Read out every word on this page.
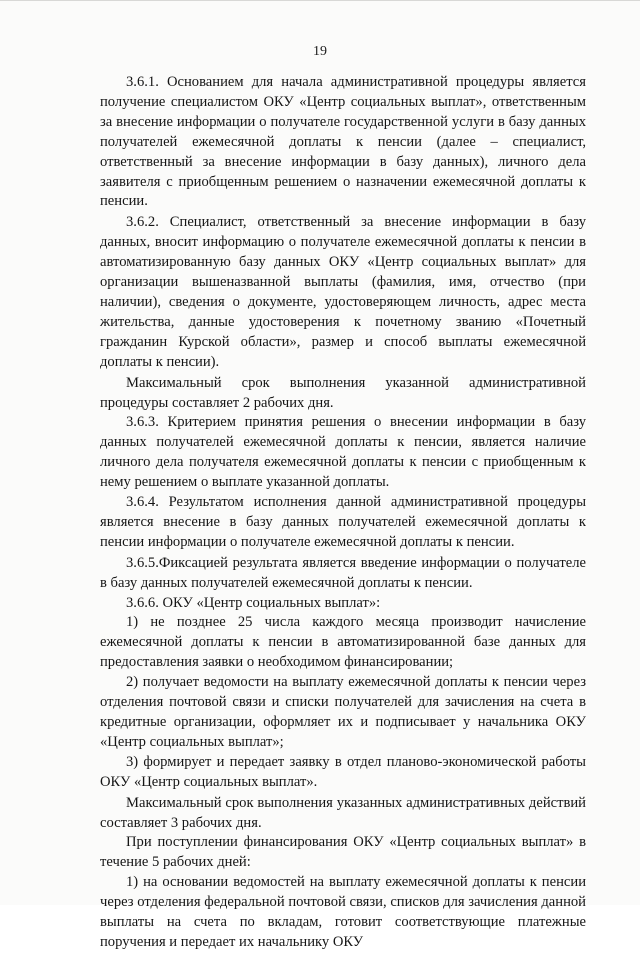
19

3.6.1. Основанием для начала административной процедуры является получение специалистом ОКУ «Центр социальных выплат», ответственным за внесение информации о получателе государственной услуги в базу данных получателей ежемесячной доплаты к пенсии (далее – специалист, ответственный за внесение информации в базу данных), личного дела заявителя с приобщенным решением о назначении ежемесячной доплаты к пенсии.

3.6.2. Специалист, ответственный за внесение информации в базу данных, вносит информацию о получателе ежемесячной доплаты к пенсии в автоматизированную базу данных ОКУ «Центр социальных выплат» для организации вышеназванной выплаты (фамилия, имя, отчество (при наличии), сведения о документе, удостоверяющем личность, адрес места жительства, данные удостоверения к почетному званию «Почетный гражданин Курской области», размер и способ выплаты ежемесячной доплаты к пенсии).

Максимальный срок выполнения указанной административной процедуры составляет 2 рабочих дня.

3.6.3. Критерием принятия решения о внесении информации в базу данных получателей ежемесячной доплаты к пенсии, является наличие личного дела получателя ежемесячной доплаты к пенсии с приобщенным к нему решением о выплате указанной доплаты.

3.6.4. Результатом исполнения данной административной процедуры является внесение в базу данных получателей ежемесячной доплаты к пенсии информации о получателе ежемесячной доплаты к пенсии.

3.6.5.Фиксацией результата является введение информации о получателе в базу данных получателей ежемесячной доплаты к пенсии.

3.6.6. ОКУ «Центр социальных выплат»:

1) не позднее 25 числа каждого месяца производит начисление ежемесячной доплаты к пенсии в автоматизированной базе данных для предоставления заявки о необходимом финансировании;

2) получает ведомости на выплату ежемесячной доплаты к пенсии через отделения почтовой связи и списки получателей для зачисления на счета в кредитные организации, оформляет их и подписывает у начальника ОКУ «Центр социальных выплат»;

3) формирует и передает заявку в отдел планово-экономической работы ОКУ «Центр социальных выплат».

Максимальный срок выполнения указанных административных действий составляет 3 рабочих дня.

При поступлении финансирования ОКУ «Центр социальных выплат» в течение 5 рабочих дней:

1) на основании ведомостей на выплату ежемесячной доплаты к пенсии через отделения федеральной почтовой связи, списков для зачисления данной выплаты на счета по вкладам, готовит соответствующие платежные поручения и передает их начальнику ОКУ
